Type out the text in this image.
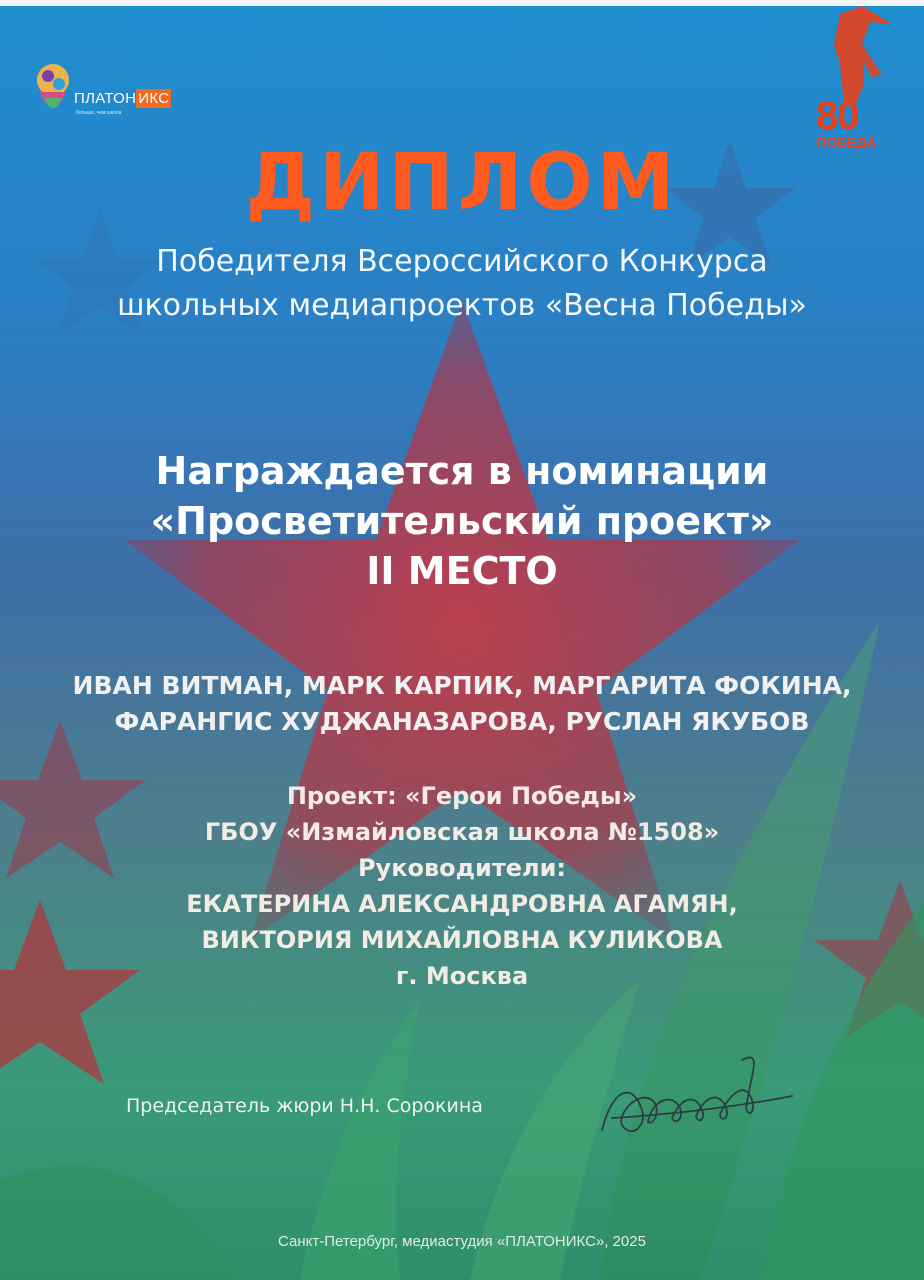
ПЛАТОН ИКС
больше, чем школа	80
ПОБЕДА
ДИПЛОМ
Победителя Всероссийского Конкурса
школьных медиапроектов «Весна Победы»
Награждается в номинации
«Просветительский проект»
II МЕСТО
ИВАН ВИТМАН, МАРК КАРПИК, МАРГАРИТА ФОКИНА,
ФАРАНГИС ХУДЖАНАЗАРОВА, РУСЛАН ЯКУБОВ
Проект: «Герои Победы»
ГБОУ «Измайловская школа №1508»
Руководители:
ЕКАТЕРИНА АЛЕКСАНДРОВНА АГАМЯН,
ВИКТОРИЯ МИХАЙЛОВНА КУЛИКОВА
г. Москва
Председатель жюри Н.Н. Сорокина
Санкт-Петербург, медиастудия «ПЛАТОНИКС», 2025
